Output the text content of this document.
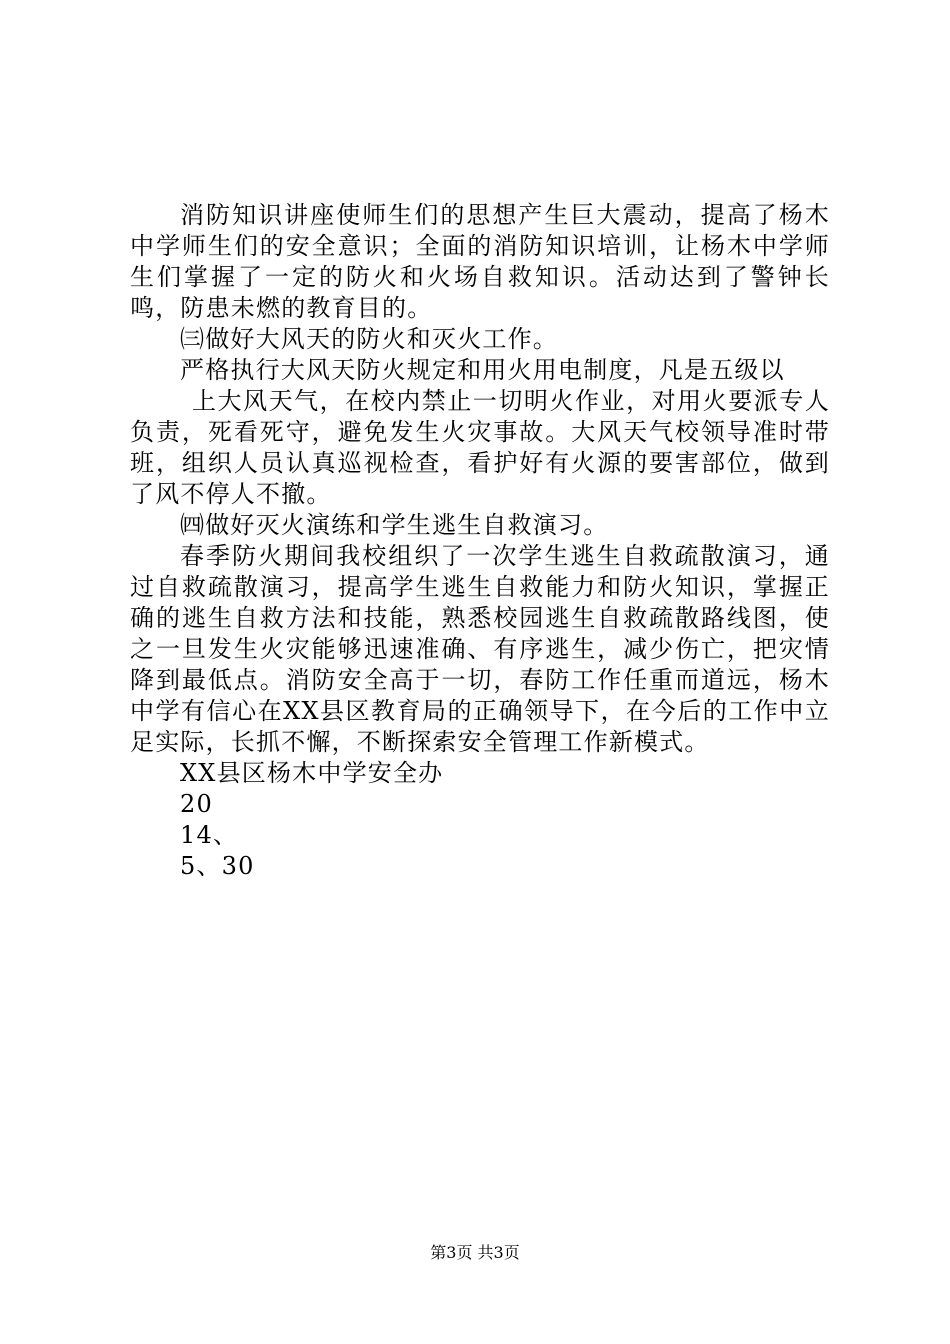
消防知识讲座使师生们的思想产生巨大震动，提高了杨木中学师生们的安全意识；全面的消防知识培训，让杨木中学师生们掌握了一定的防火和火场自救知识。活动达到了警钟长鸣，防患未燃的教育目的。

㈢做好大风天的防火和灭火工作。

严格执行大风天防火规定和用火用电制度，凡是五级以

上大风天气，在校内禁止一切明火作业，对用火要派专人负责，死看死守，避免发生火灾事故。大风天气校领导准时带班，组织人员认真巡视检查，看护好有火源的要害部位，做到了风不停人不撤。

㈣做好灭火演练和学生逃生自救演习。

春季防火期间我校组织了一次学生逃生自救疏散演习，通过自救疏散演习，提高学生逃生自救能力和防火知识，掌握正确的逃生自救方法和技能，熟悉校园逃生自救疏散路线图，使之一旦发生火灾能够迅速准确、有序逃生，减少伤亡，把灾情降到最低点。消防安全高于一切，春防工作任重而道远，杨木中学有信心在XX县区教育局的正确领导下，在今后的工作中立足实际，长抓不懈，不断探索安全管理工作新模式。

XX县区杨木中学安全办

20

14、

5、30

第3页 共3页
